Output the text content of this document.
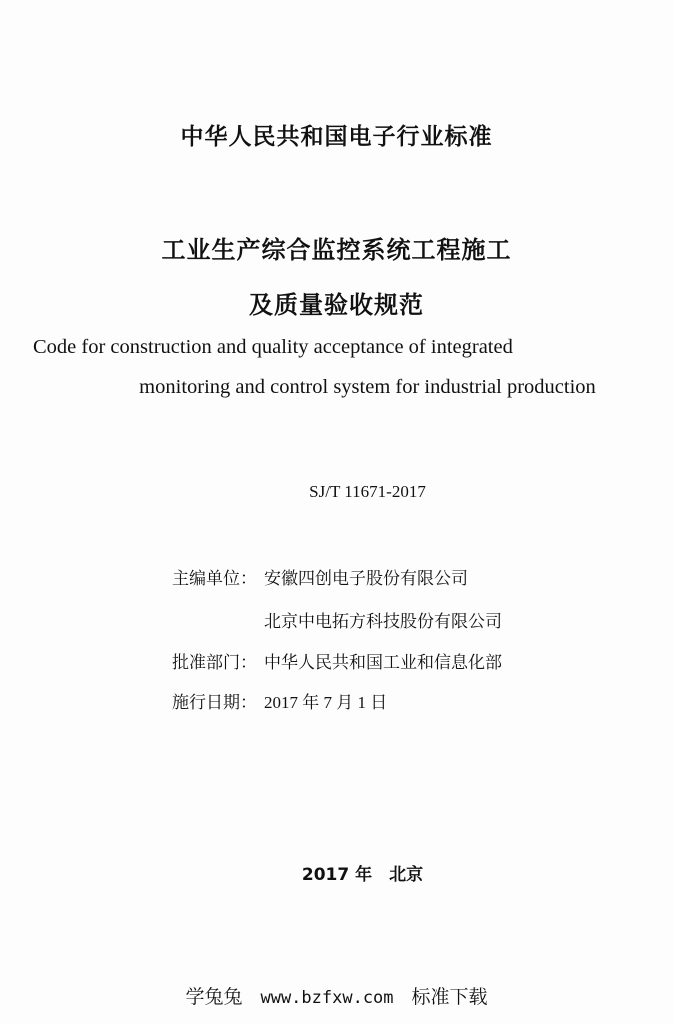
中华人民共和国电子行业标准
工业生产综合监控系统工程施工
及质量验收规范
Code for construction and quality acceptance of integrated
monitoring and control system for industrial production
SJ/T 11671-2017
主编单位： 安徽四创电子股份有限公司
北京中电拓方科技股份有限公司
批准部门： 中华人民共和国工业和信息化部
施行日期： 2017 年 7 月 1 日
2017 年　北京
学兔兔 www.bzfxw.com 标准下载
